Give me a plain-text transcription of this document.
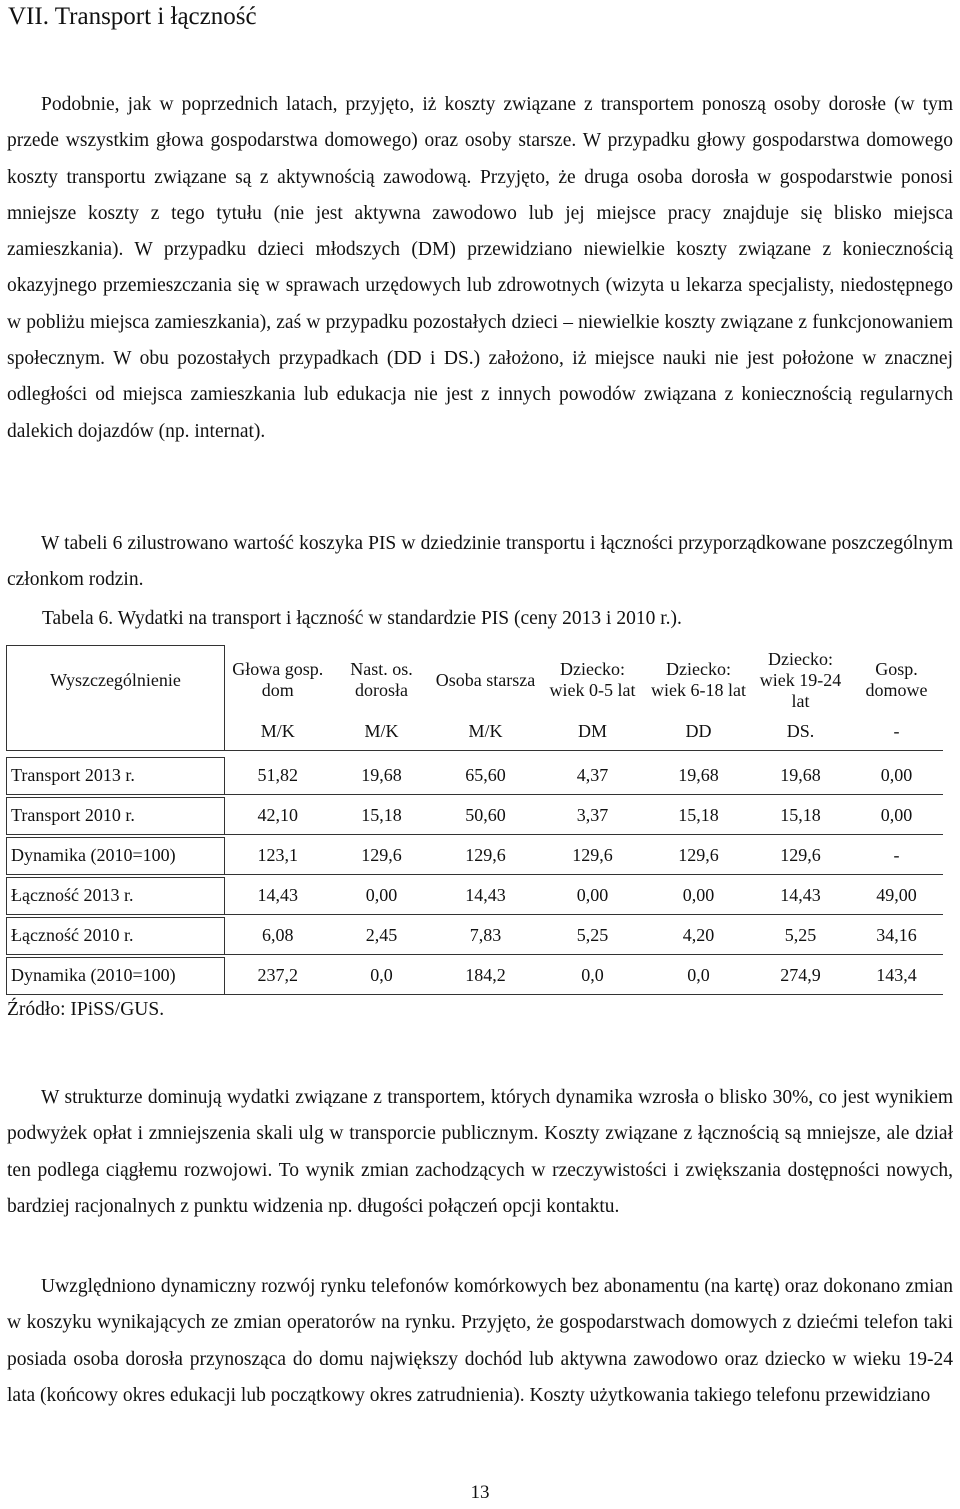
VII. Transport i łączność

Podobnie, jak w poprzednich latach, przyjęto, iż koszty związane z transportem ponoszą osoby dorosłe (w tym przede wszystkim głowa gospodarstwa domowego) oraz osoby starsze. W przypadku głowy gospodarstwa domowego koszty transportu związane są z aktywnością zawodową. Przyjęto, że druga osoba dorosła w gospodarstwie ponosi mniejsze koszty z tego tytułu (nie jest aktywna zawodowo lub jej miejsce pracy znajduje się blisko miejsca zamieszkania). W przypadku dzieci młodszych (DM) przewidziano niewielkie koszty związane z koniecznością okazyjnego przemieszczania się w sprawach urzędowych lub zdrowotnych (wizyta u lekarza specjalisty, niedostępnego w pobliżu miejsca zamieszkania), zaś w przypadku pozostałych dzieci – niewielkie koszty związane z funkcjonowaniem społecznym. W obu pozostałych przypadkach (DD i DS.) założono, iż miejsce nauki nie jest położone w znacznej odległości od miejsca zamieszkania lub edukacja nie jest z innych powodów związana z koniecznością regularnych dalekich dojazdów (np. internat).

W tabeli 6 zilustrowano wartość koszyka PIS w dziedzinie transportu i łączności przyporządkowane poszczególnym członkom rodzin.

Tabela 6. Wydatki na transport i łączność w standardzie PIS (ceny 2013 i 2010 r.).

Wyszczególnienie	Głowa gosp. dom	Nast. os. dorosła	Osoba starsza	Dziecko: wiek 0-5 lat	Dziecko: wiek 6-18 lat	Dziecko: wiek 19-24 lat	Gosp. domowe
	M/K	M/K	M/K	DM	DD	DS.	-

Transport 2013 r.	51,82	19,68	65,60	4,37	19,68	19,68	0,00

Transport 2010 r.	42,10	15,18	50,60	3,37	15,18	15,18	0,00

Dynamika (2010=100)	123,1	129,6	129,6	129,6	129,6	129,6	-

Łączność 2013 r.	14,43	0,00	14,43	0,00	0,00	14,43	49,00

Łączność 2010 r.	6,08	2,45	7,83	5,25	4,20	5,25	34,16

Dynamika (2010=100)	237,2	0,0	184,2	0,0	0,0	274,9	143,4

Źródło: IPiSS/GUS.

W strukturze dominują wydatki związane z transportem, których dynamika wzrosła o blisko 30%, co jest wynikiem podwyżek opłat i zmniejszenia skali ulg w transporcie publicznym. Koszty związane z łącznością są mniejsze, ale dział ten podlega ciągłemu rozwojowi. To wynik zmian zachodzących w rzeczywistości i zwiększania dostępności nowych, bardziej racjonalnych z punktu widzenia np. długości połączeń opcji kontaktu.

Uwzględniono dynamiczny rozwój rynku telefonów komórkowych bez abonamentu (na kartę) oraz dokonano zmian w koszyku wynikających ze zmian operatorów na rynku. Przyjęto, że gospodarstwach domowych z dziećmi telefon taki posiada osoba dorosła przynosząca do domu największy dochód lub aktywna zawodowo oraz dziecko w wieku 19-24 lata (końcowy okres edukacji lub początkowy okres zatrudnienia). Koszty użytkowania takiego telefonu przewidziano

13
